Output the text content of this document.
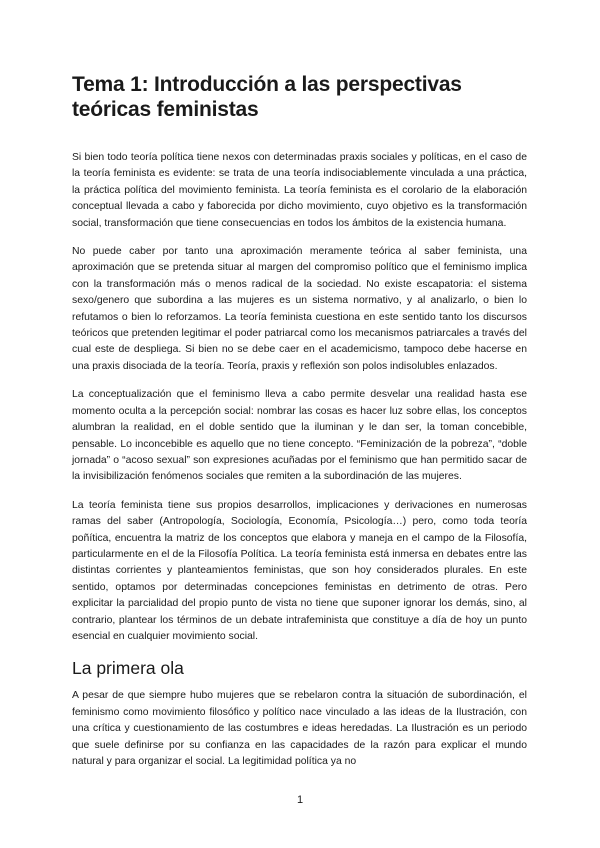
Tema 1: Introducción a las perspectivas teóricas feministas

Si bien todo teoría política tiene nexos con determinadas praxis sociales y políticas, en el caso de la teoría feminista es evidente: se trata de una teoría indisociablemente vinculada a una práctica, la práctica política del movimiento feminista. La teoría feminista es el corolario de la elaboración conceptual llevada a cabo y faborecida por dicho movimiento, cuyo objetivo es la transformación social, transformación que tiene consecuencias en todos los ámbitos de la existencia humana.

No puede caber por tanto una aproximación meramente teórica al saber feminista, una aproximación que se pretenda situar al margen del compromiso político que el feminismo implica con la transformación más o menos radical de la sociedad. No existe escapatoria: el sistema sexo/genero que subordina a las mujeres es un sistema normativo, y al analizarlo, o bien lo refutamos o bien lo reforzamos. La teoría feminista cuestiona en este sentido tanto los discursos teóricos que pretenden legitimar el poder patriarcal como los mecanismos patriarcales a través del cual este de despliega. Si bien no se debe caer en el academicismo, tampoco debe hacerse en una praxis disociada de la teoría. Teoría, praxis y reflexión son polos indisolubles enlazados.

La conceptualización que el feminismo lleva a cabo permite desvelar una realidad hasta ese momento oculta a la percepción social: nombrar las cosas es hacer luz sobre ellas, los conceptos alumbran la realidad, en el doble sentido que la iluminan y le dan ser, la toman concebible, pensable. Lo inconcebible es aquello que no tiene concepto. “Feminización de la pobreza”, “doble jornada” o “acoso sexual” son expresiones acuñadas por el feminismo que han permitido sacar de la invisibilización fenómenos sociales que remiten a la subordinación de las mujeres.

La teoría feminista tiene sus propios desarrollos, implicaciones y derivaciones en numerosas ramas del saber (Antropología, Sociología, Economía, Psicología…) pero, como toda teoría poñítica, encuentra la matriz de los conceptos que elabora y maneja en el campo de la Filosofía, particularmente en el de la Filosofía Política. La teoría feminista está inmersa en debates entre las distintas corrientes y planteamientos feministas, que son hoy considerados plurales. En este sentido, optamos por determinadas concepciones feministas en detrimento de otras. Pero explicitar la parcialidad del propio punto de vista no tiene que suponer ignorar los demás, sino, al contrario, plantear los términos de un debate intrafeminista que constituye a día de hoy un punto esencial en cualquier movimiento social.

La primera ola

A pesar de que siempre hubo mujeres que se rebelaron contra la situación de subordinación, el feminismo como movimiento filosófico y político nace vinculado a las ideas de la Ilustración, con una crítica y cuestionamiento de las costumbres e ideas heredadas. La Ilustración es un periodo que suele definirse por su confianza en las capacidades de la razón para explicar el mundo natural y para organizar el social. La legitimidad política ya no

1
